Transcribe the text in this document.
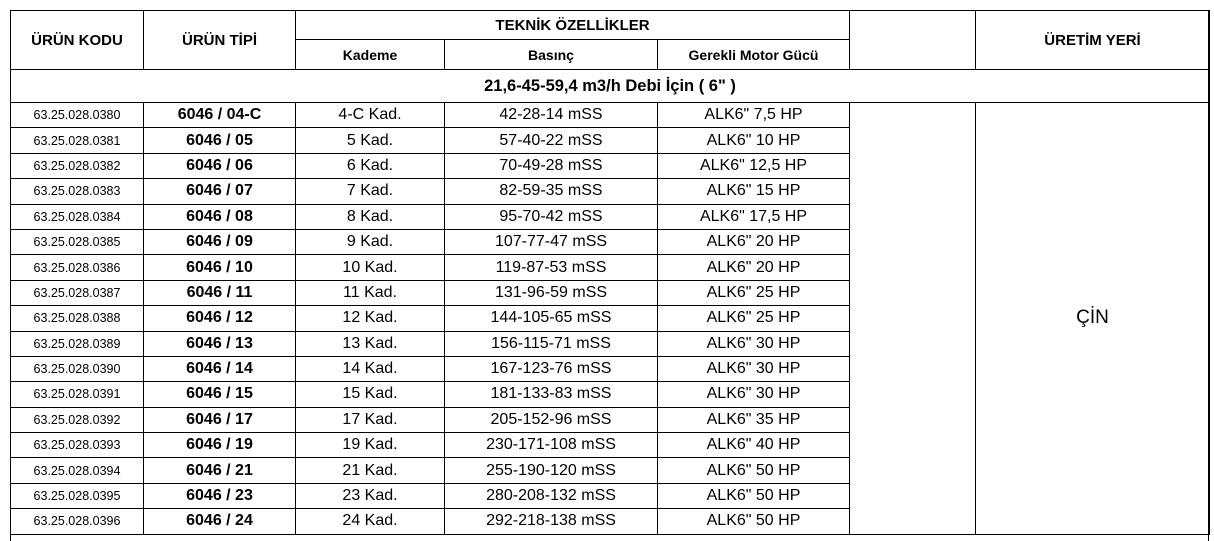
ÜRÜN KODU	ÜRÜN TİPİ	TEKNİK ÖZELLİKLER				ÜRETİM YERİ
		Kademe	Basınç	Gerekli Motor Gücü		
21,6-45-59,4 m3/h Debi İçin ( 6" )						
63.25.028.0380	6046 / 04-C	4-C Kad.	42-28-14 mSS	ALK6" 7,5 HP		ÇİN
63.25.028.0381	6046 / 05	5 Kad.	57-40-22 mSS	ALK6" 10 HP		
63.25.028.0382	6046 / 06	6 Kad.	70-49-28 mSS	ALK6" 12,5 HP		
63.25.028.0383	6046 / 07	7 Kad.	82-59-35 mSS	ALK6" 15 HP		
63.25.028.0384	6046 / 08	8 Kad.	95-70-42 mSS	ALK6" 17,5 HP		
63.25.028.0385	6046 / 09	9 Kad.	107-77-47 mSS	ALK6" 20 HP		
63.25.028.0386	6046 / 10	10 Kad.	119-87-53 mSS	ALK6" 20 HP		
63.25.028.0387	6046 / 11	11 Kad.	131-96-59 mSS	ALK6" 25 HP		
63.25.028.0388	6046 / 12	12 Kad.	144-105-65 mSS	ALK6" 25 HP		
63.25.028.0389	6046 / 13	13 Kad.	156-115-71 mSS	ALK6" 30 HP		
63.25.028.0390	6046 / 14	14 Kad.	167-123-76 mSS	ALK6" 30 HP		
63.25.028.0391	6046 / 15	15 Kad.	181-133-83 mSS	ALK6" 30 HP		
63.25.028.0392	6046 / 17	17 Kad.	205-152-96 mSS	ALK6" 35 HP		
63.25.028.0393	6046 / 19	19 Kad.	230-171-108 mSS	ALK6" 40 HP		
63.25.028.0394	6046 / 21	21 Kad.	255-190-120 mSS	ALK6" 50 HP		
63.25.028.0395	6046 / 23	23 Kad.	280-208-132 mSS	ALK6" 50 HP		
63.25.028.0396	6046 / 24	24 Kad.	292-218-138 mSS	ALK6" 50 HP		
